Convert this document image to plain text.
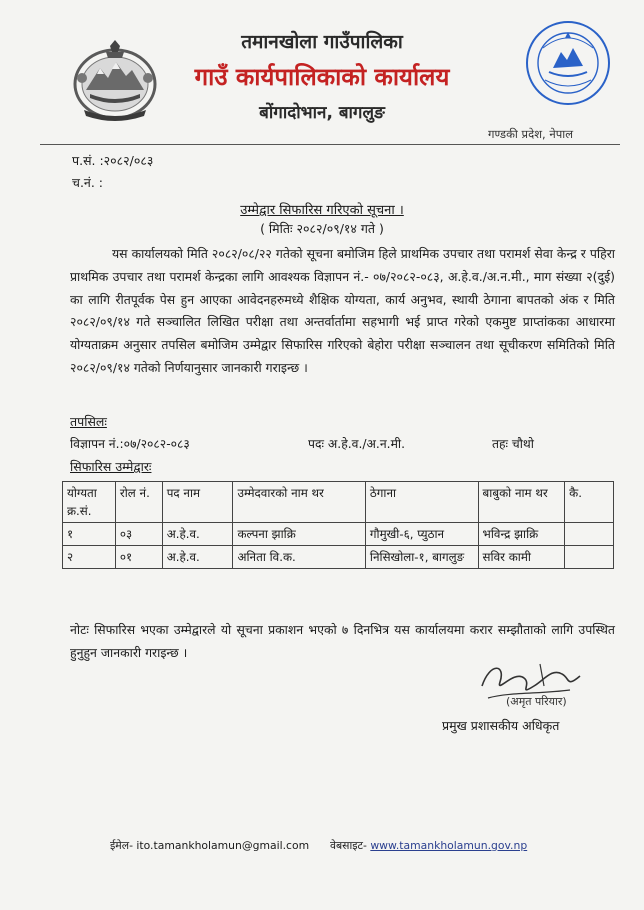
तमानखोला गाउँपालिका
गाउँ कार्यपालिकाको कार्यालय
बोंगादोभान, बागलुङ
गण्डकी प्रदेश, नेपाल
प.सं. :२०८२/०८३
च.नं. :
उम्मेद्वार सिफारिस गरिएको सूचना ।
( मितिः २०८२/०९/१४ गते )
यस कार्यालयको मिति २०८२/०८/२२ गतेको सूचना बमोजिम हिले प्राथमिक उपचार तथा परामर्श सेवा केन्द्र र पहिरा प्राथमिक उपचार तथा परामर्श केन्द्रका लागि आवश्यक विज्ञापन नं.- ०७/२०८२-०८३, अ.हे.व./अ.न.मी., माग संख्या २(दुई) का लागि रीतपूर्वक पेस हुन आएका आवेदनहरुमध्ये शैक्षिक योग्यता, कार्य अनुभव, स्थायी ठेगाना बापतको अंक र मिति २०८२/०९/१४ गते सञ्चालित लिखित परीक्षा तथा अन्तर्वार्तामा सहभागी भई प्राप्त गरेको एकमुष्ट प्राप्तांकका आधारमा योग्यताक्रम अनुसार तपसिल बमोजिम उम्मेद्वार सिफारिस गरिएको बेहोरा परीक्षा सञ्चालन तथा सूचीकरण समितिको मिति २०८२/०९/१४ गतेको निर्णयानुसार जानकारी गराइन्छ ।
तपसिलः
विज्ञापन नं.:०७/२०८२-०८३	पदः अ.हे.व./अ.न.मी.	तहः चौथो
सिफारिस उम्मेद्वारः
योग्यता क्र.सं.	रोल नं.	पद नाम	उम्मेदवारको नाम थर	ठेगाना	बाबुको नाम थर	कै.
१	०३	अ.हे.व.	कल्पना झाक्रि	गौमुखी-६, प्युठान	भविन्द्र झाक्रि	
२	०१	अ.हे.व.	अनिता वि.क.	निसिखोला-१, बागलुङ	सविर कामी	
नोटः सिफारिस भएका उम्मेद्वारले यो सूचना प्रकाशन भएको ७ दिनभित्र यस कार्यालयमा करार सम्झौताको लागि उपस्थित हुनुहुन जानकारी गराइन्छ ।
(अमृत परियार)
प्रमुख प्रशासकीय अधिकृत
ईमेल- ito.tamankholamun@gmail.com वेबसाइट- www.tamankholamun.gov.np
